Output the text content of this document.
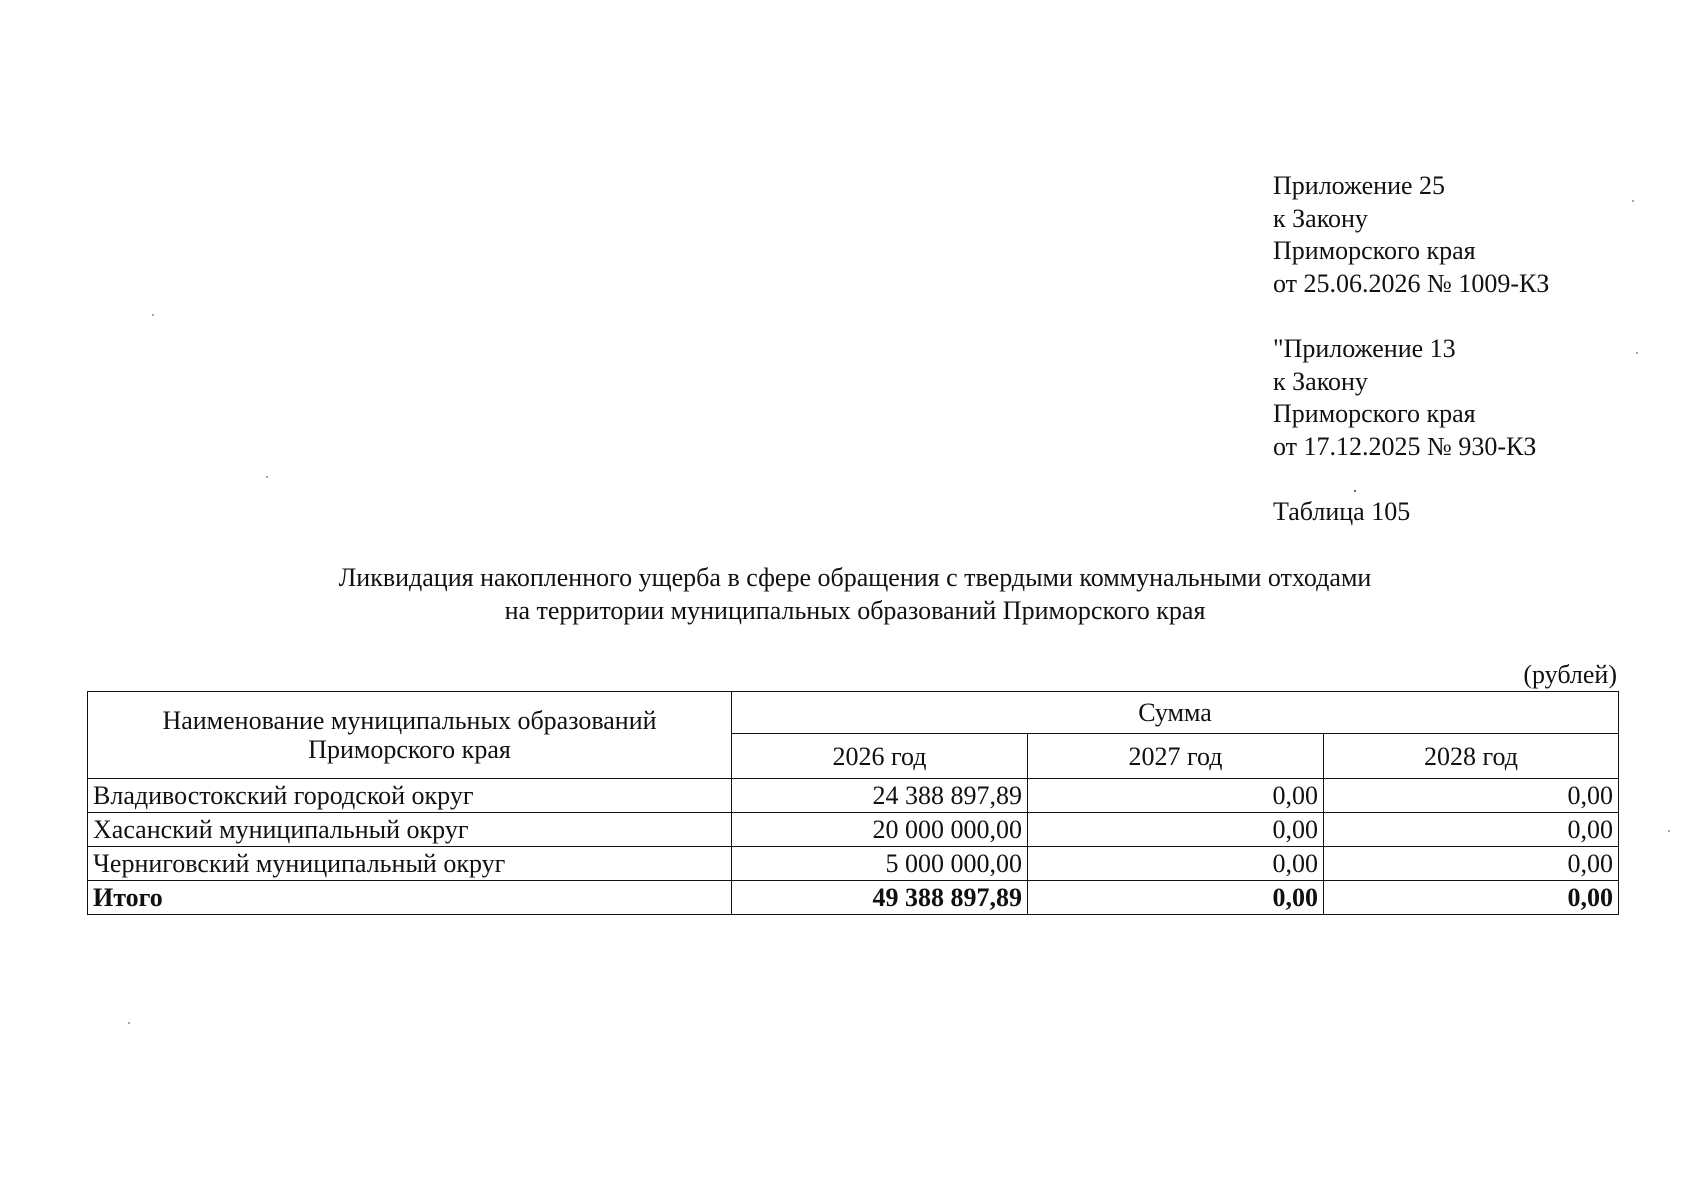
Приложение 25
к Закону
Приморского края
от 25.06.2026 № 1009-КЗ
"Приложение 13
к Закону
Приморского края
от 17.12.2025 № 930-КЗ
Таблица 105
Ликвидация накопленного ущерба в сфере обращения с твердыми коммунальными отходами
на территории муниципальных образований Приморского края
(рублей)
Наименование муниципальных образований Приморского края	Сумма		
	2026 год	2027 год	2028 год
Владивостокский городской округ	24 388 897,89	0,00	0,00
Хасанский муниципальный округ	20 000 000,00	0,00	0,00
Черниговский муниципальный округ	5 000 000,00	0,00	0,00
Итого	49 388 897,89	0,00	0,00
